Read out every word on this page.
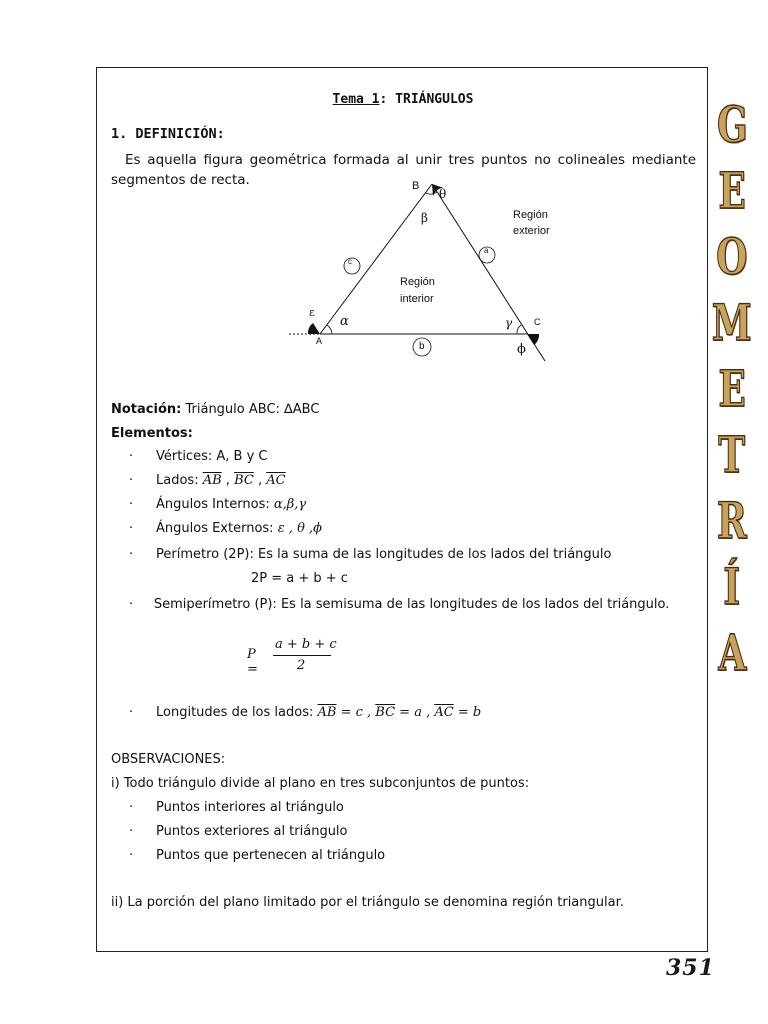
Tema 1: TRIÁNGULOS
1. DEFINICIÓN:
Es aquella figura geométrica formada al unir tres puntos no colineales mediante segmentos de recta.	B
θ
β	Región
exterior
c
a
Región
interior
ε
α	γ C
A	b	ϕ
Notación: Triángulo ABC: ∆ABC
Elementos:
· Vértices: A, B y C
· Lados: $\overline{AB}$ , $\overline{BC}$ , $\overline{AC}$
· Ángulos Internos: α,β,γ
· Ángulos Externos: ε , θ ,ϕ
· Perímetro (2P): Es la suma de las longitudes de los lados del triángulo
2P = a + b + c
· Semiperímetro (P): Es la semisuma de las longitudes de los lados del triángulo.
P =
a + b + c
2
· Longitudes de los lados: $\overline{AB} = c$ , $\overline{BC} = a$ , $\overline{AC} = b$
OBSERVACIONES:
i) Todo triángulo divide al plano en tres subconjuntos de puntos:
· Puntos interiores al triángulo
· Puntos exteriores al triángulo
· Puntos que pertenecen al triángulo
ii) La porción del plano limitado por el triángulo se denomina región triangular.
G
E
O
M
E
T
R
Í
A
351
